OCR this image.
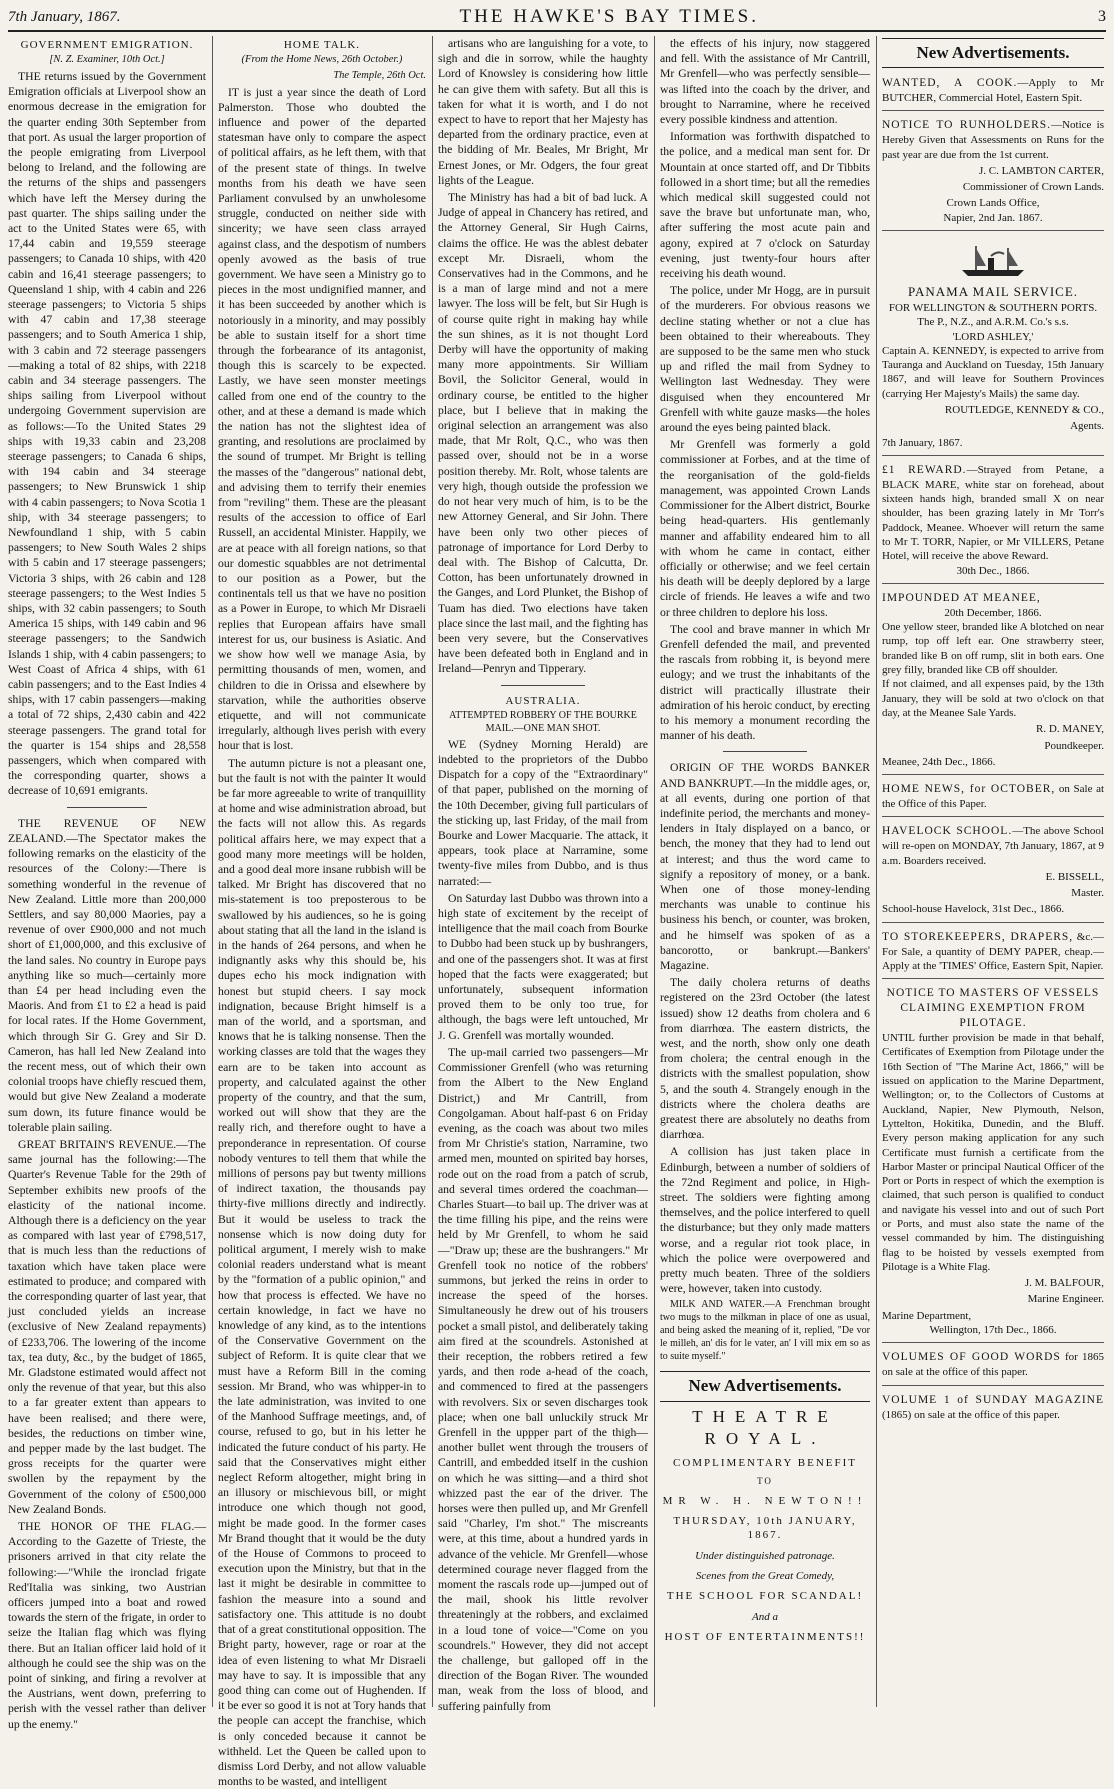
7th January, 1867.	THE HAWKE'S BAY TIMES.	3
GOVERNMENT EMIGRATION.
[N. Z. Examiner, 10th Oct.]

THE returns issued by the Government Emigration officials at Liverpool show an enormous decrease in the emigration for the quarter ending 30th September from that port. As usual the larger proportion of the people emigrating from Liverpool belong to Ireland, and the following are the returns of the ships and passengers which have left the Mersey during the past quarter. The ships sailing under the act to the United States were 65, with 17,44 cabin and 19,559 steerage passengers; to Canada 10 ships, with 420 cabin and 16,41 steerage passengers; to Queensland 1 ship, with 4 cabin and 226 steerage passengers; to Victoria 5 ships with 47 cabin and 17,38 steerage passengers; and to South America 1 ship, with 3 cabin and 72 steerage passengers—making a total of 82 ships, with 2218 cabin and 34 steerage passengers. The ships sailing from Liverpool without undergoing Government supervision are as follows:—To the United States 29 ships with 19,33 cabin and 23,208 steerage passengers; to Canada 6 ships, with 194 cabin and 34 steerage passengers; to New Brunswick 1 ship with 4 cabin passengers; to Nova Scotia 1 ship, with 34 steerage passengers; to Newfoundland 1 ship, with 5 cabin passengers; to New South Wales 2 ships with 5 cabin and 17 steerage passengers; Victoria 3 ships, with 26 cabin and 128 steerage passengers; to the West Indies 5 ships, with 32 cabin passengers; to South America 15 ships, with 149 cabin and 96 steerage passengers; to the Sandwich Islands 1 ship, with 4 cabin passengers; to West Coast of Africa 4 ships, with 61 cabin passengers; and to the East Indies 4 ships, with 17 cabin passengers—making a total of 72 ships, 2,430 cabin and 422 steerage passengers. The grand total for the quarter is 154 ships and 28,558 passengers, which when compared with the corresponding quarter, shows a decrease of 10,691 emigrants.

THE REVENUE OF NEW ZEALAND.—The Spectator makes the following remarks on the elasticity of the resources of the Colony:—There is something wonderful in the revenue of New Zealand. Little more than 200,000 Settlers, and say 80,000 Maories, pay a revenue of over £900,000 and not much short of £1,000,000, and this exclusive of the land sales. No country in Europe pays anything like so much—certainly more than £4 per head including even the Maoris. And from £1 to £2 a head is paid for local rates. If the Home Government, which through Sir G. Grey and Sir D. Cameron, has hall led New Zealand into the recent mess, out of which their own colonial troops have chiefly rescued them, would but give New Zealand a moderate sum down, its future finance would be tolerable plain sailing.

GREAT BRITAIN'S REVENUE.—The same journal has the following:—The Quarter's Revenue Table for the 29th of September exhibits new proofs of the elasticity of the national income. Although there is a deficiency on the year as compared with last year of £798,517, that is much less than the reductions of taxation which have taken place were estimated to produce; and compared with the corresponding quarter of last year, that just concluded yields an increase (exclusive of New Zealand repayments) of £233,706. The lowering of the income tax, tea duty, &c., by the budget of 1865, Mr. Gladstone estimated would affect not only the revenue of that year, but this also to a far greater extent than appears to have been realised; and there were, besides, the reductions on timber wine, and pepper made by the last budget. The gross receipts for the quarter were swollen by the repayment by the Government of the colony of £500,000 New Zealand Bonds.

THE HONOR OF THE FLAG.—According to the Gazette of Trieste, the prisoners arrived in that city relate the following:—"While the ironclad frigate Red'Italia was sinking, two Austrian officers jumped into a boat and rowed towards the stern of the frigate, in order to seize the Italian flag which was flying there. But an Italian officer laid hold of it although he could see the ship was on the point of sinking, and firing a revolver at the Austrians, went down, preferring to perish with the vessel rather than deliver up the enemy."

HOME TALK.
(From the Home News, 26th October.)
The Temple, 26th Oct.

IT is just a year since the death of Lord Palmerston. Those who doubted the influence and power of the departed statesman have only to compare the aspect of political affairs, as he left them, with that of the present state of things. In twelve months from his death we have seen Parliament convulsed by an unwholesome struggle, conducted on neither side with sincerity; we have seen class arrayed against class, and the despotism of numbers openly avowed as the basis of true government. We have seen a Ministry go to pieces in the most undignified manner, and it has been succeeded by another which is notoriously in a minority, and may possibly be able to sustain itself for a short time through the forbearance of its antagonist, though this is scarcely to be expected. Lastly, we have seen monster meetings called from one end of the country to the other, and at these a demand is made which the nation has not the slightest idea of granting, and resolutions are proclaimed by the sound of trumpet. Mr Bright is telling the masses of the "dangerous" national debt, and advising them to terrify their enemies from "reviling" them. These are the pleasant results of the accession to office of Earl Russell, an accidental Minister. Happily, we are at peace with all foreign nations, so that our domestic squabbles are not detrimental to our position as a Power, but the continentals tell us that we have no position as a Power in Europe, to which Mr Disraeli replies that European affairs have small interest for us, our business is Asiatic. And we show how well we manage Asia, by permitting thousands of men, women, and children to die in Orissa and elsewhere by starvation, while the authorities observe etiquette, and will not communicate irregularly, although lives perish with every hour that is lost.

The autumn picture is not a pleasant one, but the fault is not with the painter It would be far more agreeable to write of tranquillity at home and wise administration abroad, but the facts will not allow this. As regards political affairs here, we may expect that a good many more meetings will be holden, and a good deal more insane rubbish will be talked. Mr Bright has discovered that no mis-statement is too preposterous to be swallowed by his audiences, so he is going about stating that all the land in the island is in the hands of 264 persons, and when he indignantly asks why this should be, his dupes echo his mock indignation with honest but stupid cheers. I say mock indignation, because Bright himself is a man of the world, and a sportsman, and knows that he is talking nonsense. Then the working classes are told that the wages they earn are to be taken into account as property, and calculated against the other property of the country, and that the sum, worked out will show that they are the really rich, and therefore ought to have a preponderance in representation. Of course nobody ventures to tell them that while the millions of persons pay but twenty millions of indirect taxation, the thousands pay thirty-five millions directly and indirectly. But it would be useless to track the nonsense which is now doing duty for political argument, I merely wish to make colonial readers understand what is meant by the "formation of a public opinion," and how that process is effected. We have no certain knowledge, in fact we have no knowledge of any kind, as to the intentions of the Conservative Government on the subject of Reform. It is quite clear that we must have a Reform Bill in the coming session. Mr Brand, who was whipper-in to the late administration, was invited to one of the Manhood Suffrage meetings, and, of course, refused to go, but in his letter he indicated the future conduct of his party. He said that the Conservatives might either neglect Reform altogether, might bring in an illusory or mischievous bill, or might introduce one which though not good, might be made good. In the former cases Mr Brand thought that it would be the duty of the House of Commons to proceed to execution upon the Ministry, but that in the last it might be desirable in committee to fashion the measure into a sound and satisfactory one. This attitude is no doubt that of a great constitutional opposition. The Bright party, however, rage or roar at the idea of even listening to what Mr Disraeli may have to say. It is impossible that any good thing can come out of Hughenden. If it be ever so good it is not at Tory hands that the people can accept the franchise, which is only conceded because it cannot be withheld. Let the Queen be called upon to dismiss Lord Derby, and not allow valuable months to be wasted, and intelligent

artisans who are languishing for a vote, to sigh and die in sorrow, while the haughty Lord of Knowsley is considering how little he can give them with safety. But all this is taken for what it is worth, and I do not expect to have to report that her Majesty has departed from the ordinary practice, even at the bidding of Mr. Beales, Mr Bright, Mr Ernest Jones, or Mr. Odgers, the four great lights of the League.

The Ministry has had a bit of bad luck. A Judge of appeal in Chancery has retired, and the Attorney General, Sir Hugh Cairns, claims the office. He was the ablest debater except Mr. Disraeli, whom the Conservatives had in the Commons, and he is a man of large mind and not a mere lawyer. The loss will be felt, but Sir Hugh is of course quite right in making hay while the sun shines, as it is not thought Lord Derby will have the opportunity of making many more appointments. Sir William Bovil, the Solicitor General, would in ordinary course, be entitled to the higher place, but I believe that in making the original selection an arrangement was also made, that Mr Rolt, Q.C., who was then passed over, should not be in a worse position thereby. Mr. Rolt, whose talents are very high, though outside the profession we do not hear very much of him, is to be the new Attorney General, and Sir John. There have been only two other pieces of patronage of importance for Lord Derby to deal with. The Bishop of Calcutta, Dr. Cotton, has been unfortunately drowned in the Ganges, and Lord Plunket, the Bishop of Tuam has died. Two elections have taken place since the last mail, and the fighting has been very severe, but the Conservatives have been defeated both in England and in Ireland—Penryn and Tipperary.

AUSTRALIA.
ATTEMPTED ROBBERY OF THE BOURKE MAIL.—ONE MAN SHOT.

WE (Sydney Morning Herald) are indebted to the proprietors of the Dubbo Dispatch for a copy of the "Extraordinary" of that paper, published on the morning of the 10th December, giving full particulars of the sticking up, last Friday, of the mail from Bourke and Lower Macquarie. The attack, it appears, took place at Narramine, some twenty-five miles from Dubbo, and is thus narrated:—

On Saturday last Dubbo was thrown into a high state of excitement by the receipt of intelligence that the mail coach from Bourke to Dubbo had been stuck up by bushrangers, and one of the passengers shot. It was at first hoped that the facts were exaggerated; but unfortunately, subsequent information proved them to be only too true, for although, the bags were left untouched, Mr J. G. Grenfell was mortally wounded.

The up-mail carried two passengers—Mr Commissioner Grenfell (who was returning from the Albert to the New England District,) and Mr Cantrill, from Congolgaman. About half-past 6 on Friday evening, as the coach was about two miles from Mr Christie's station, Narramine, two armed men, mounted on spirited bay horses, rode out on the road from a patch of scrub, and several times ordered the coachman—Charles Stuart—to bail up. The driver was at the time filling his pipe, and the reins were held by Mr Grenfell, to whom he said—"Draw up; these are the bushrangers." Mr Grenfell took no notice of the robbers' summons, but jerked the reins in order to increase the speed of the horses. Simultaneously he drew out of his trousers pocket a small pistol, and deliberately taking aim fired at the scoundrels. Astonished at their reception, the robbers retired a few yards, and then rode a-head of the coach, and commenced to fired at the passengers with revolvers. Six or seven discharges took place; when one ball unluckily struck Mr Grenfell in the uppper part of the thigh—another bullet went through the trousers of Cantrill, and embedded itself in the cushion on which he was sitting—and a third shot whizzed past the ear of the driver. The horses were then pulled up, and Mr Grenfell said "Charley, I'm shot." The miscreants were, at this time, about a hundred yards in advance of the vehicle. Mr Grenfell—whose determined courage never flagged from the moment the rascals rode up—jumped out of the mail, shook his little revolver threateningly at the robbers, and exclaimed in a loud tone of voice—"Come on you scoundrels." However, they did not accept the challenge, but galloped off in the direction of the Bogan River. The wounded man, weak from the loss of blood, and suffering painfully from

the effects of his injury, now staggered and fell. With the assistance of Mr Cantrill, Mr Grenfell—who was perfectly sensible—was lifted into the coach by the driver, and brought to Narramine, where he received every possible kindness and attention.

Information was forthwith dispatched to the police, and a medical man sent for. Dr Mountain at once started off, and Dr Tibbits followed in a short time; but all the remedies which medical skill suggested could not save the brave but unfortunate man, who, after suffering the most acute pain and agony, expired at 7 o'clock on Saturday evening, just twenty-four hours after receiving his death wound.

The police, under Mr Hogg, are in pursuit of the murderers. For obvious reasons we decline stating whether or not a clue has been obtained to their whereabouts. They are supposed to be the same men who stuck up and rifled the mail from Sydney to Wellington last Wednesday. They were disguised when they encountered Mr Grenfell with white gauze masks—the holes around the eyes being painted black.

Mr Grenfell was formerly a gold commissioner at Forbes, and at the time of the reorganisation of the gold-fields management, was appointed Crown Lands Commissioner for the Albert district, Bourke being head-quarters. His gentlemanly manner and affability endeared him to all with whom he came in contact, either officially or otherwise; and we feel certain his death will be deeply deplored by a large circle of friends. He leaves a wife and two or three children to deplore his loss.

The cool and brave manner in which Mr Grenfell defended the mail, and prevented the rascals from robbing it, is beyond mere eulogy; and we trust the inhabitants of the district will practically illustrate their admiration of his heroic conduct, by erecting to his memory a monument recording the manner of his death.

ORIGIN OF THE WORDS BANKER AND BANKRUPT.—In the middle ages, or, at all events, during one portion of that indefinite period, the merchants and money-lenders in Italy displayed on a banco, or bench, the money that they had to lend out at interest; and thus the word came to signify a repository of money, or a bank. When one of those money-lending merchants was unable to continue his business his bench, or counter, was broken, and he himself was spoken of as a bancorotto, or bankrupt.—Bankers' Magazine.

The daily cholera returns of deaths registered on the 23rd October (the latest issued) show 12 deaths from cholera and 6 from diarrhœa. The eastern districts, the west, and the north, show only one death from cholera; the central enough in the districts with the smallest population, show 5, and the south 4. Strangely enough in the districts where the cholera deaths are greatest there are absolutely no deaths from diarrhœa.

A collision has just taken place in Edinburgh, between a number of soldiers of the 72nd Regiment and police, in High-street. The soldiers were fighting among themselves, and the police interfered to quell the disturbance; but they only made matters worse, and a regular riot took place, in which the police were overpowered and pretty much beaten. Three of the soldiers were, however, taken into custody.

MILK AND WATER.—A Frenchman brought two mugs to the milkman in place of one as usual, and being asked the meaning of it, replied, "De vor le milleh, an' dis for le vater, an' I vill mix em so as to suite myself."

New Advertisements.
THEATRE ROYAL.
COMPLIMENTARY BENEFIT
TO
MR W. H. NEWTON!!
THURSDAY, 10th JANUARY, 1867.
Under distinguished patronage.
Scenes from the Great Comedy,
THE SCHOOL FOR SCANDAL!
And a
HOST OF ENTERTAINMENTS!!
New Advertisements.
WANTED, A COOK.—Apply to Mr BUTCHER, Commercial Hotel, Eastern Spit.
NOTICE TO RUNHOLDERS.—Notice is Hereby Given that Assessments on Runs for the past year are due from the 1st current.
J. C. LAMBTON CARTER,
Commissioner of Crown Lands.
Crown Lands Office,
Napier, 2nd Jan. 1867.
PANAMA MAIL SERVICE.
FOR WELLINGTON & SOUTHERN PORTS.
The P., N.Z., and A.R.M. Co.'s s.s.
'LORD ASHLEY,'
Captain A. KENNEDY, is expected to arrive from Tauranga and Auckland on Tuesday, 15th January 1867, and will leave for Southern Provinces (carrying Her Majesty's Mails) the same day.
ROUTLEDGE, KENNEDY & CO.,
Agents.
7th January, 1867.
£1 REWARD.—Strayed from Petane, a BLACK MARE, white star on forehead, about sixteen hands high, branded small X on near shoulder, has been grazing lately in Mr Torr's Paddock, Meanee. Whoever will return the same to Mr T. TORR, Napier, or Mr VILLERS, Petane Hotel, will receive the above Reward.
30th Dec., 1866.
IMPOUNDED AT MEANEE,
20th December, 1866.
One yellow steer, branded like A blotched on near rump, top off left ear. One strawberry steer, branded like B on off rump, slit in both ears. One grey filly, branded like CB off shoulder.
If not claimed, and all expenses paid, by the 13th January, they will be sold at two o'clock on that day, at the Meanee Sale Yards.
R. D. MANEY,
Poundkeeper.
Meanee, 24th Dec., 1866.
HOME NEWS, for OCTOBER, on Sale at the Office of this Paper.
HAVELOCK SCHOOL.—The above School will re-open on MONDAY, 7th January, 1867, at 9 a.m. Boarders received.
E. BISSELL,
Master.
School-house Havelock, 31st Dec., 1866.
TO STOREKEEPERS, DRAPERS, &c.—For Sale, a quantity of DEMY PAPER, cheap.—Apply at the 'TIMES' Office, Eastern Spit, Napier.
NOTICE TO MASTERS OF VESSELS CLAIMING EXEMPTION FROM PILOTAGE.
UNTIL further provision be made in that behalf, Certificates of Exemption from Pilotage under the 16th Section of "The Marine Act, 1866," will be issued on application to the Marine Department, Wellington; or, to the Collectors of Customs at Auckland, Napier, New Plymouth, Nelson, Lyttelton, Hokitika, Dunedin, and the Bluff. Every person making application for any such Certificate must furnish a certificate from the Harbor Master or principal Nautical Officer of the Port or Ports in respect of which the exemption is claimed, that such person is qualified to conduct and navigate his vessel into and out of such Port or Ports, and must also state the name of the vessel commanded by him. The distinguishing flag to be hoisted by vessels exempted from Pilotage is a White Flag.
J. M. BALFOUR,
Marine Engineer.
Marine Department,
Wellington, 17th Dec., 1866.
VOLUMES OF GOOD WORDS for 1865 on sale at the office of this paper.
VOLUME 1 of SUNDAY MAGAZINE (1865) on sale at the office of this paper.
